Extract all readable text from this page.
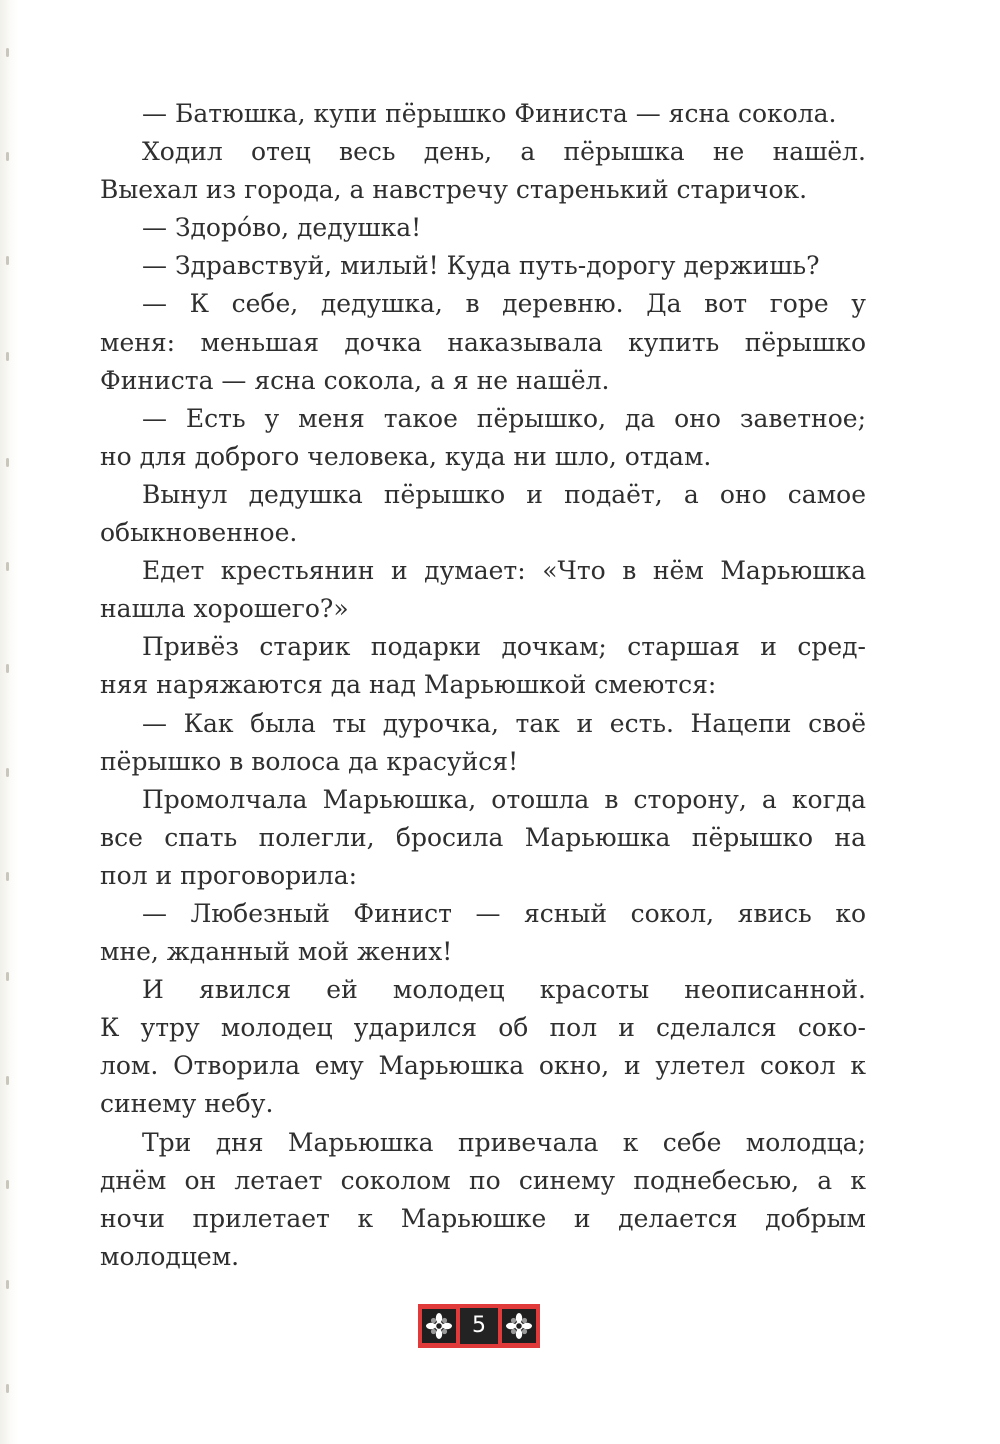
— Батюшка, купи пёрышко Финиста — ясна сокола.
Ходил отец весь день, а пёрышка не нашёл.
Выехал из города, а навстречу старенький старичок.
— Здоро́во, дедушка!
— Здравствуй, милый! Куда путь-дорогу держишь?
— К себе, дедушка, в деревню. Да вот горе у
меня: меньшая дочка наказывала купить пёрышко
Финиста — ясна сокола, а я не нашёл.
— Есть у меня такое пёрышко, да оно заветное;
но для доброго человека, куда ни шло, отдам.
Вынул дедушка пёрышко и подаёт, а оно самое
обыкновенное.
Едет крестьянин и думает: «Что в нём Марьюшка
нашла хорошего?»
Привёз старик подарки дочкам; старшая и сред-
няя наряжаются да над Марьюшкой смеются:
— Как была ты дурочка, так и есть. Нацепи своё
пёрышко в волоса да красуйся!
Промолчала Марьюшка, отошла в сторону, а когда
все спать полегли, бросила Марьюшка пёрышко на
пол и проговорила:
— Любезный Финист — ясный сокол, явись ко
мне, жданный мой жених!
И явился ей молодец красоты неописанной.
К утру молодец ударился об пол и сделался соко-
лом. Отворила ему Марьюшка окно, и улетел сокол к
синему небу.
Три дня Марьюшка привечала к себе молодца;
днём он летает соколом по синему поднебесью, а к
ночи прилетает к Марьюшке и делается добрым
молодцем.
5
